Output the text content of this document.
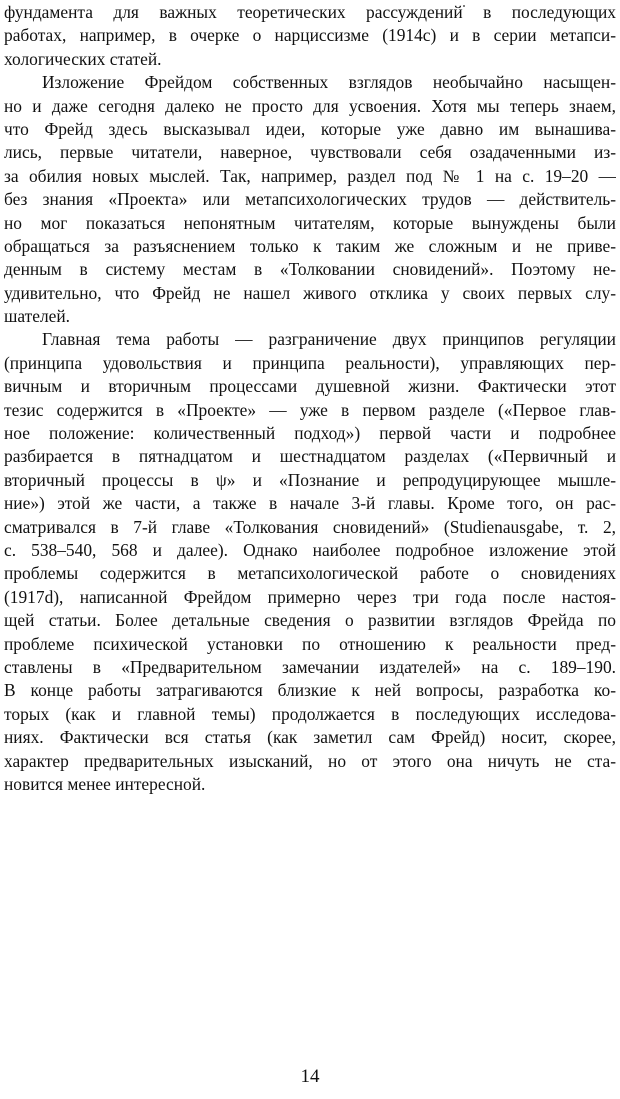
фундамента для важных теоретических рассуждений в последующих
работах, например, в очерке о нарциссизме (1914с) и в серии метапси-
хологических статей.
Изложение Фрейдом собственных взглядов необычайно насыщен-
но и даже сегодня далеко не просто для усвоения. Хотя мы теперь знаем,
что Фрейд здесь высказывал идеи, которые уже давно им вынашива-
лись, первые читатели, наверное, чувствовали себя озадаченными из-
за обилия новых мыслей. Так, например, раздел под № 1 на с. 19–20 —
без знания «Проекта» или метапсихологических трудов — действитель-
но мог показаться непонятным читателям, которые вынуждены были
обращаться за разъяснением только к таким же сложным и не приве-
денным в систему местам в «Толковании сновидений». Поэтому не-
удивительно, что Фрейд не нашел живого отклика у своих первых слу-
шателей.
Главная тема работы — разграничение двух принципов регуляции
(принципа удовольствия и принципа реальности), управляющих пер-
вичным и вторичным процессами душевной жизни. Фактически этот
тезис содержится в «Проекте» — уже в первом разделе («Первое глав-
ное положение: количественный подход») первой части и подробнее
разбирается в пятнадцатом и шестнадцатом разделах («Первичный и
вторичный процессы в ψ» и «Познание и репродуцирующее мышле-
ние») этой же части, а также в начале 3-й главы. Кроме того, он рас-
сматривался в 7-й главе «Толкования сновидений» (Studienausgabe, т. 2,
с. 538–540, 568 и далее). Однако наиболее подробное изложение этой
проблемы содержится в метапсихологической работе о сновидениях
(1917d), написанной Фрейдом примерно через три года после настоя-
щей статьи. Более детальные сведения о развитии взглядов Фрейда по
проблеме психической установки по отношению к реальности пред-
ставлены в «Предварительном замечании издателей» на с. 189–190.
В конце работы затрагиваются близкие к ней вопросы, разработка ко-
торых (как и главной темы) продолжается в последующих исследова-
ниях. Фактически вся статья (как заметил сам Фрейд) носит, скорее,
характер предварительных изысканий, но от этого она ничуть не ста-
новится менее интересной.
14
